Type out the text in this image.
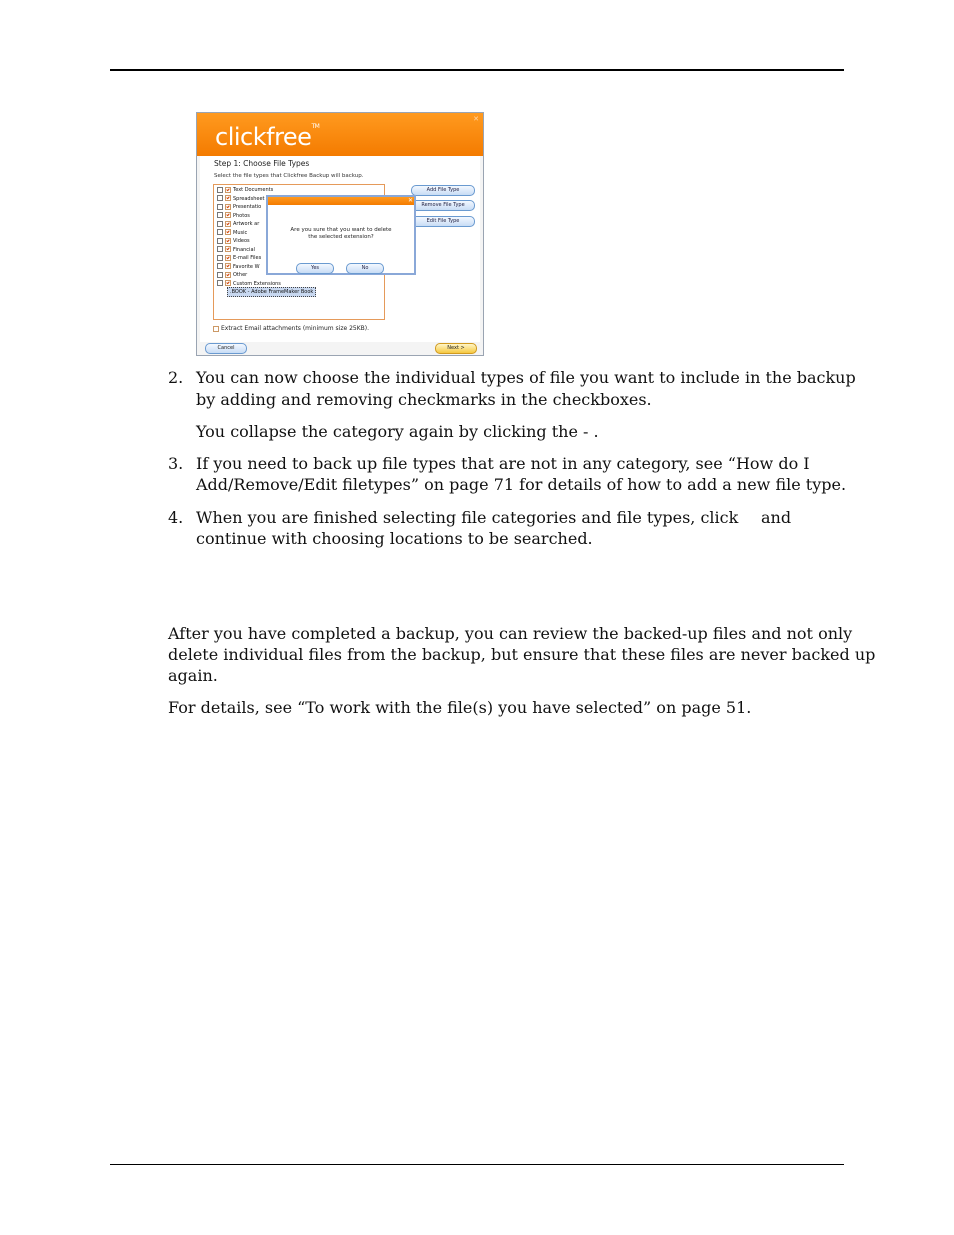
✕
clickfree™
Step 1: Choose File Types
Select the file types that Clickfree Backup will backup.
Text Documents
Spreadsheet
Presentatio
Photos
Artwork ar
Music
Videos
Financial
E-mail Files
Favorite W
Other
Custom Extensions
.BOOK - Adobe FrameMaker Book
Add File Type
Remove File Type
Edit File Type
✕
Are you sure that you want to delete
the selected extension?
Yes	No
Extract Email attachments (minimum size 25KB).
Cancel	Next >
2. You can now choose the individual types of file you want to include in the backup
by adding and removing checkmarks in the checkboxes.
You collapse the category again by clicking the - .
3. If you need to back up file types that are not in any category, see “How do I
Add/Remove/Edit filetypes” on page 71 for details of how to add a new file type.
4. When you are finished selecting file categories and file types, click and
continue with choosing locations to be searched.
After you have completed a backup, you can review the backed-up files and not only
delete individual files from the backup, but ensure that these files are never backed up
again.
For details, see “To work with the file(s) you have selected” on page 51.
